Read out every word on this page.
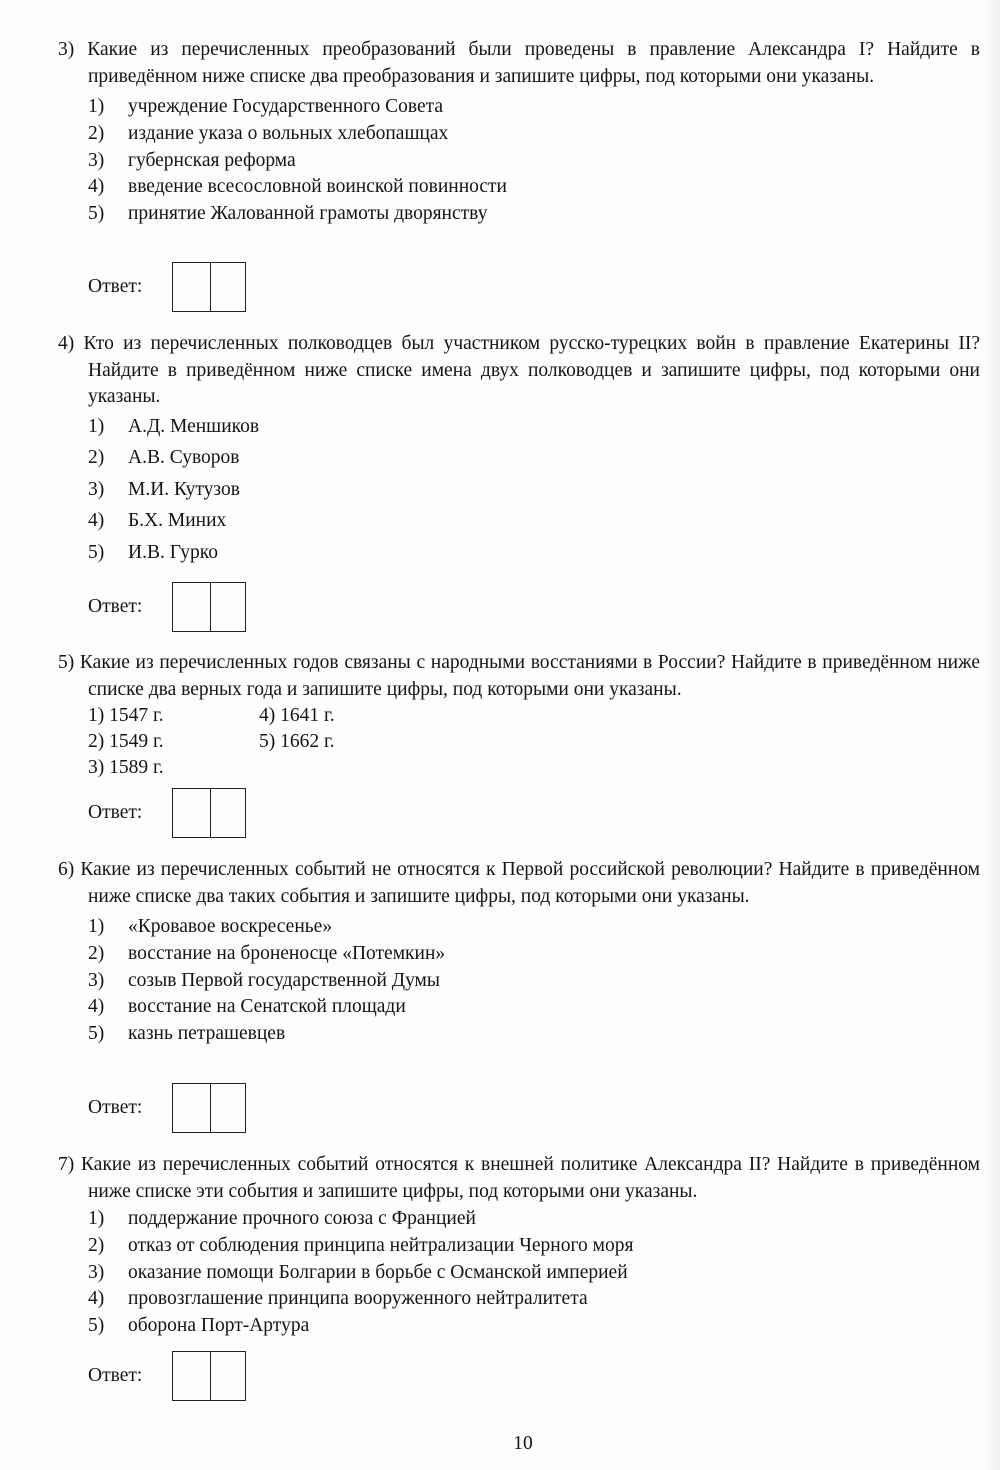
3) Какие из перечисленных преобразований были проведены в правление Александра I? Найдите в приведённом ниже списке два преобразования и запишите цифры, под которыми они указаны.
1)	учреждение Государственного Совета
2)	издание указа о вольных хлебопашцах
3)	губернская реформа
4)	введение всесословной воинской повинности
5)	принятие Жалованной грамоты дворянству
Ответ:
4) Кто из перечисленных полководцев был участником русско-турецких войн в правление Екатерины II? Найдите в приведённом ниже списке имена двух полководцев и запишите цифры, под которыми они указаны.
1)	А.Д. Меншиков
2)	А.В. Суворов
3)	М.И. Кутузов
4)	Б.Х. Миних
5)	И.В. Гурко
Ответ:
5) Какие из перечисленных годов связаны с народными восстаниями в России? Найдите в приведённом ниже списке два верных года и запишите цифры, под которыми они указаны.
1) 1547 г.
2) 1549 г.
3) 1589 г.
4) 1641 г.
5) 1662 г.
Ответ:
6) Какие из перечисленных событий не относятся к Первой российской революции? Найдите в приведённом ниже списке два таких события и запишите цифры, под которыми они указаны.
1)	«Кровавое воскресенье»
2)	восстание на броненосце «Потемкин»
3)	созыв Первой государственной Думы
4)	восстание на Сенатской площади
5)	казнь петрашевцев
Ответ:
7) Какие из перечисленных событий относятся к внешней политике Александра II? Найдите в приведённом ниже списке эти события и запишите цифры, под которыми они указаны.
1)	поддержание прочного союза с Францией
2)	отказ от соблюдения принципа нейтрализации Черного моря
3)	оказание помощи Болгарии в борьбе с Османской империей
4)	провозглашение принципа вооруженного нейтралитета
5)	оборона Порт-Артура
Ответ:
10
